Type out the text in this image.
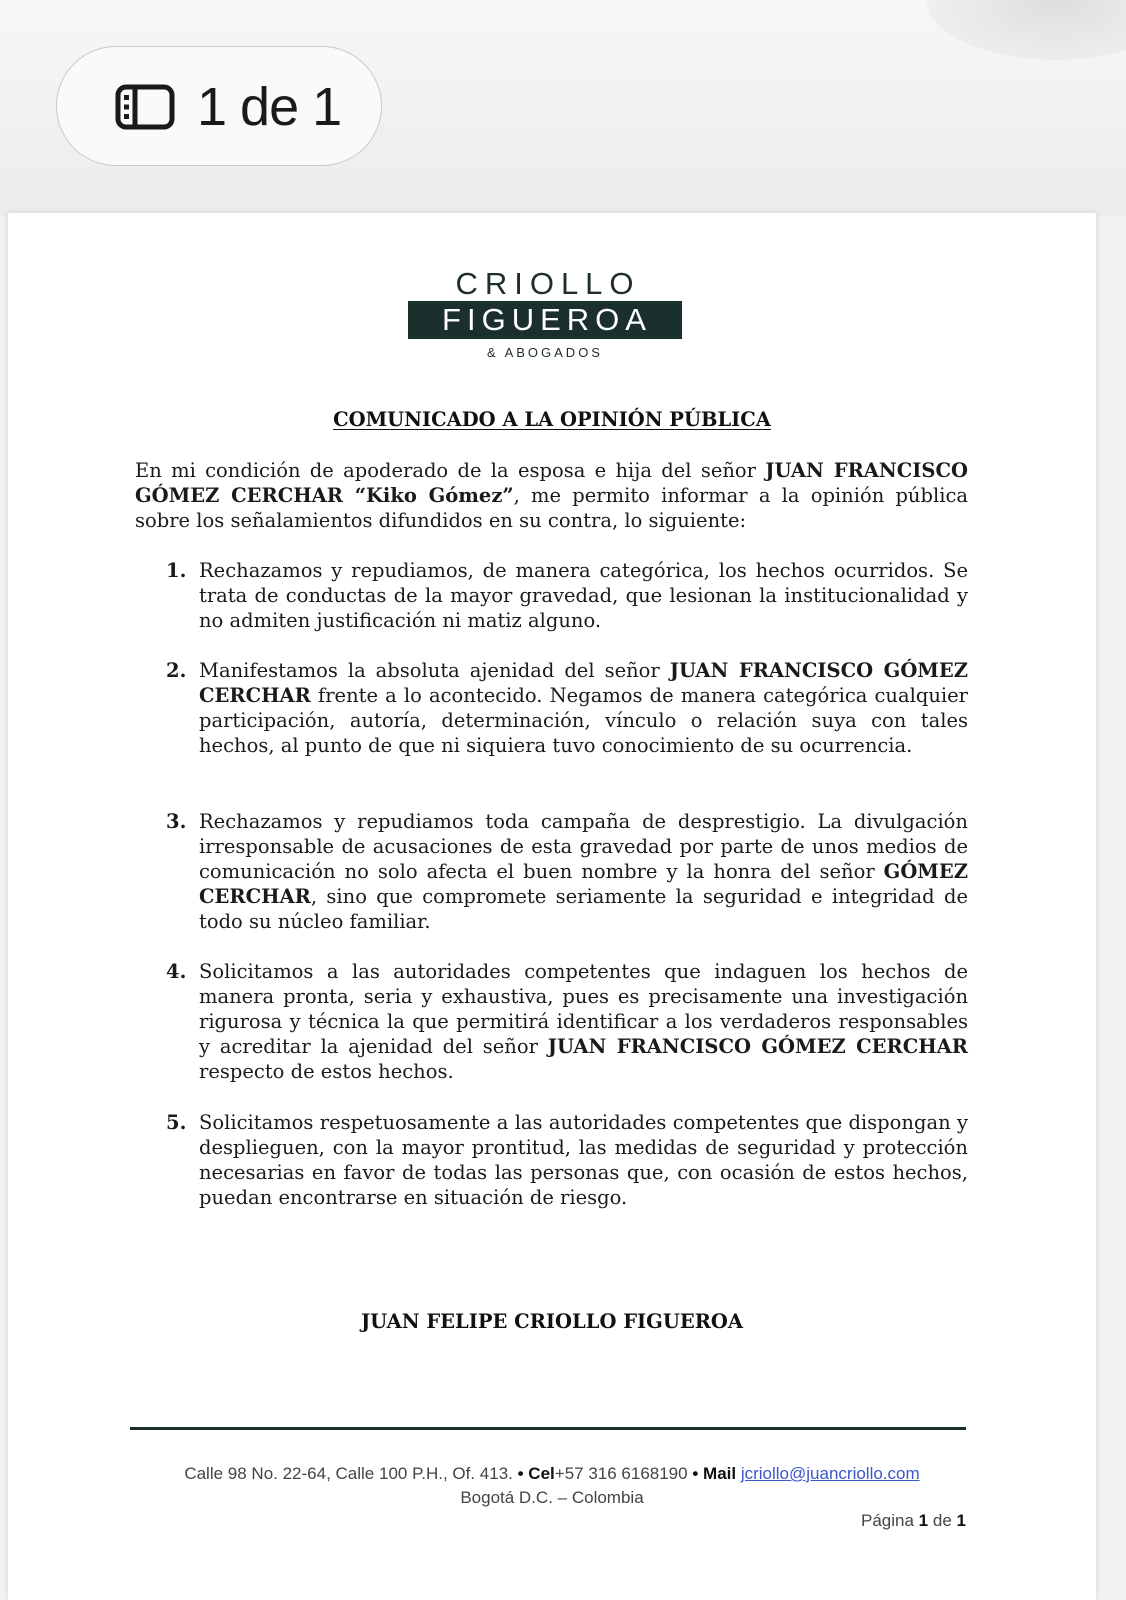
1 de 1
CRIOLLO
FIGUEROA
& ABOGADOS
COMUNICADO A LA OPINIÓN PÚBLICA
En mi condición de apoderado de la esposa e hija del señor JUAN FRANCISCO GÓMEZ CERCHAR “Kiko Gómez”, me permito informar a la opinión pública sobre los señalamientos difundidos en su contra, lo siguiente:
1. Rechazamos y repudiamos, de manera categórica, los hechos ocurridos. Se trata de conductas de la mayor gravedad, que lesionan la institucionalidad y no admiten justificación ni matiz alguno.
2. Manifestamos la absoluta ajenidad del señor JUAN FRANCISCO GÓMEZ CERCHAR frente a lo acontecido. Negamos de manera categórica cualquier participación, autoría, determinación, vínculo o relación suya con tales hechos, al punto de que ni siquiera tuvo conocimiento de su ocurrencia.
3. Rechazamos y repudiamos toda campaña de desprestigio. La divulgación irresponsable de acusaciones de esta gravedad por parte de unos medios de comunicación no solo afecta el buen nombre y la honra del señor GÓMEZ CERCHAR, sino que compromete seriamente la seguridad e integridad de todo su núcleo familiar.
4. Solicitamos a las autoridades competentes que indaguen los hechos de manera pronta, seria y exhaustiva, pues es precisamente una investigación rigurosa y técnica la que permitirá identificar a los verdaderos responsables y acreditar la ajenidad del señor JUAN FRANCISCO GÓMEZ CERCHAR respecto de estos hechos.
5. Solicitamos respetuosamente a las autoridades competentes que dispongan y desplieguen, con la mayor prontitud, las medidas de seguridad y protección necesarias en favor de todas las personas que, con ocasión de estos hechos, puedan encontrarse en situación de riesgo.
JUAN FELIPE CRIOLLO FIGUEROA
Calle 98 No. 22-64, Calle 100 P.H., Of. 413. • Cel+57 316 6168190 • Mail jcriollo@juancriollo.com
Bogotá D.C. – Colombia
Página 1 de 1
